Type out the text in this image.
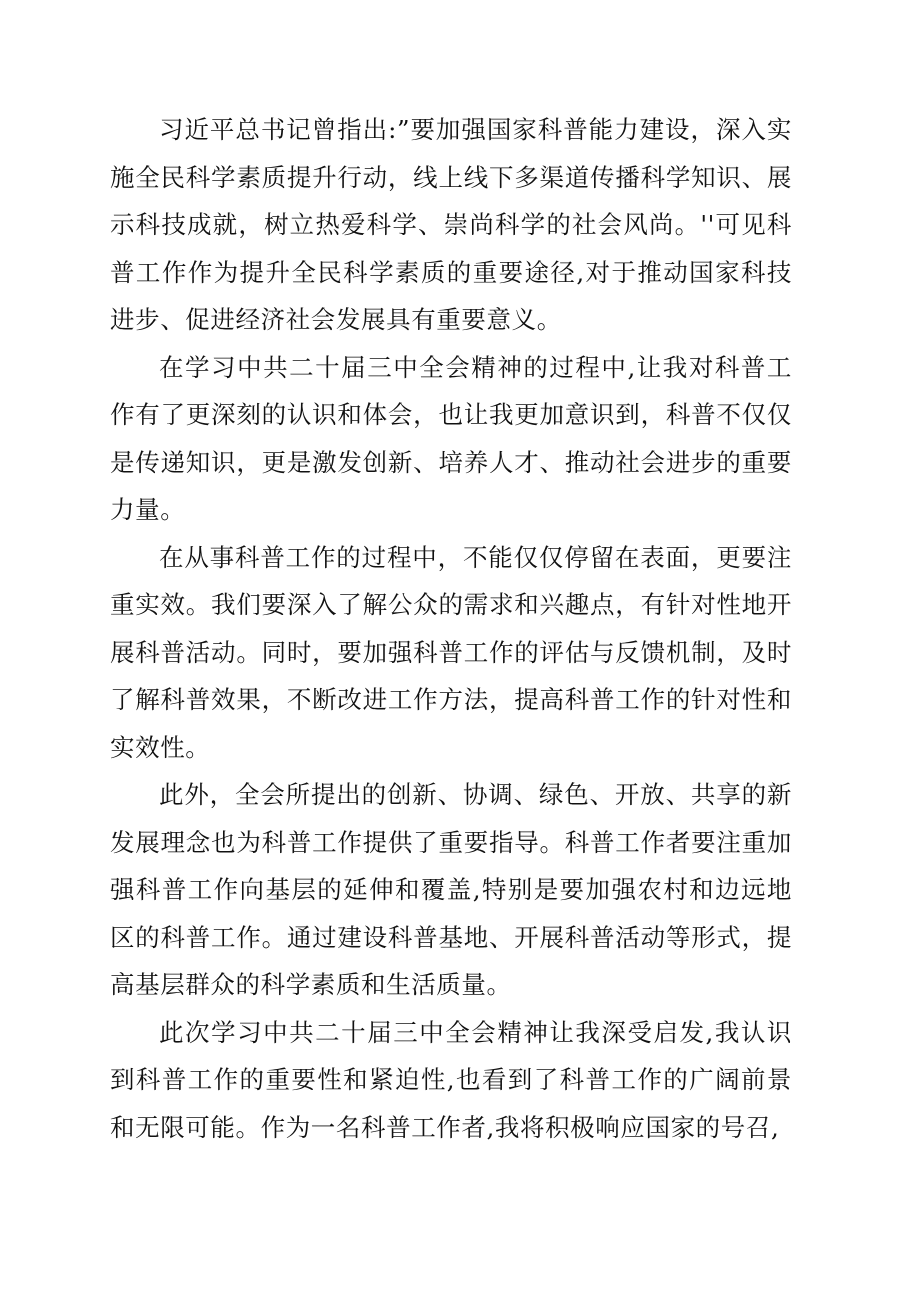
习近平总书记曾指出:”要加强国家科普能力建设，深入实施全民科学素质提升行动，线上线下多渠道传播科学知识、展示科技成就，树立热爱科学、崇尚科学的社会风尚。''可见科普工作作为提升全民科学素质的重要途径,对于推动国家科技进步、促进经济社会发展具有重要意义。

在学习中共二十届三中全会精神的过程中,让我对科普工作有了更深刻的认识和体会，也让我更加意识到，科普不仅仅是传递知识，更是激发创新、培养人才、推动社会进步的重要力量。

在从事科普工作的过程中，不能仅仅停留在表面，更要注重实效。我们要深入了解公众的需求和兴趣点，有针对性地开展科普活动。同时，要加强科普工作的评估与反馈机制，及时了解科普效果，不断改进工作方法，提高科普工作的针对性和实效性。

此外，全会所提出的创新、协调、绿色、开放、共享的新发展理念也为科普工作提供了重要指导。科普工作者要注重加强科普工作向基层的延伸和覆盖,特别是要加强农村和边远地区的科普工作。通过建设科普基地、开展科普活动等形式，提高基层群众的科学素质和生活质量。

此次学习中共二十届三中全会精神让我深受启发,我认识到科普工作的重要性和紧迫性,也看到了科普工作的广阔前景和无限可能。作为一名科普工作者,我将积极响应国家的号召,
